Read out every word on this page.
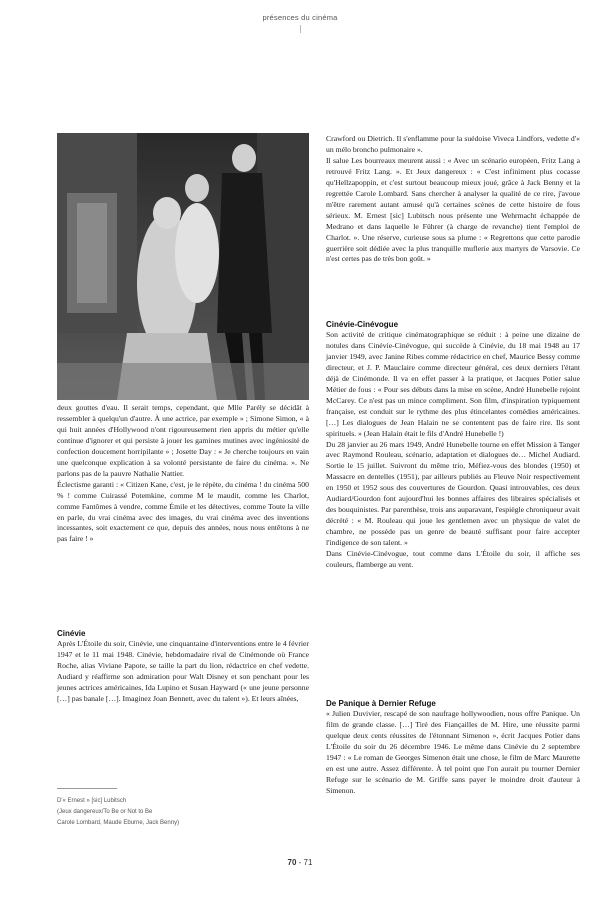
présences du cinéma

deux gouttes d'eau. Il serait temps, cependant, que Mlle Parély se décidât à ressembler à quelqu'un d'autre. À une actrice, par exemple » ; Simone Simon, « à qui huit années d'Hollywood n'ont rigoureusement rien appris du métier qu'elle continue d'ignorer et qui persiste à jouer les gamines mutines avec ingéniosité de confection doucement horripilante » ; Josette Day : « Je cherche toujours en vain une quelconque explication à sa volonté persistante de faire du cinéma. ». Ne parlons pas de la pauvre Nathalie Nattier.

Éclectisme garanti : « Citizen Kane, c'est, je le répète, du cinéma ! du cinéma 500 % ! comme Cuirassé Potemkine, comme M le maudit, comme les Charlot, comme Fantômes à vendre, comme Émile et les détectives, comme Toute la ville en parle, du vrai cinéma avec des images, du vrai cinéma avec des inventions incessantes, soit exactement ce que, depuis des années, nous nous entêtons à ne pas faire ! »

Cinévie

Après L'Étoile du soir, Cinévie, une cinquantaine d'interventions entre le 4 février 1947 et le 11 mai 1948. Cinévie, hebdomadaire rival de Cinémonde où France Roche, alias Viviane Papote, se taille la part du lion, rédactrice en chef vedette. Audiard y réaffirme son admiration pour Walt Disney et son penchant pour les jeunes actrices américaines, Ida Lupino et Susan Hayward (« une jeune personne […] pas banale […]. Imaginez Joan Bennett, avec du talent »). Et leurs aînées,

Crawford ou Dietrich. Il s'enflamme pour la suédoise Viveca Lindfors, vedette d'« un mélo broncho pulmonaire ».

Il salue Les bourreaux meurent aussi : « Avec un scénario européen, Fritz Lang a retrouvé Fritz Lang. ». Et Jeux dangereux : « C'est infiniment plus cocasse qu'Hellzapoppin, et c'est surtout beaucoup mieux joué, grâce à Jack Benny et la regrettée Carole Lombard. Sans chercher à analyser la qualité de ce rire, j'avoue m'être rarement autant amusé qu'à certaines scènes de cette histoire de fous sérieux. M. Ernest [sic] Lubitsch nous présente une Wehrmacht échappée de Medrano et dans laquelle le Führer (à charge de revanche) tient l'emploi de Charlot. ». Une réserve, curieuse sous sa plume : « Regrettons que cette parodie guerrière soit dédiée avec la plus tranquille muflerie aux martyrs de Varsovie. Ce n'est certes pas de très bon goût. »

Cinévie-Cinévogue

Son activité de critique cinématographique se réduit : à peine une dizaine de notules dans Cinévie-Cinévogue, qui succède à Cinévie, du 18 mai 1948 au 17 janvier 1949, avec Janine Ribes comme rédactrice en chef, Maurice Bessy comme directeur, et J. P. Mauclaire comme directeur général, ces deux derniers l'étant déjà de Cinémonde. Il va en effet passer à la pratique, et Jacques Potier salue Métier de fous : « Pour ses débuts dans la mise en scène, André Hunebelle rejoint McCarey. Ce n'est pas un mince compliment. Son film, d'inspiration typiquement française, est conduit sur le rythme des plus étincelantes comédies américaines. […] Les dialogues de Jean Halain ne se contentent pas de faire rire. Ils sont spirituels. » (Jean Halain était le fils d'André Hunebelle !)

Du 28 janvier au 26 mars 1949, André Hunebelle tourne en effet Mission à Tanger avec Raymond Rouleau, scénario, adaptation et dialogues de… Michel Audiard. Sortie le 15 juillet. Suivront du même trio, Méfiez-vous des blondes (1950) et Massacre en dentelles (1951), par ailleurs publiés au Fleuve Noir respectivement en 1950 et 1952 sous des couvertures de Gourdon. Quasi introuvables, ces deux Audiard/Gourdon font aujourd'hui les bonnes affaires des libraires spécialisés et des bouquinistes. Par parenthèse, trois ans auparavant, l'espiègle chroniqueur avait décrété : « M. Rouleau qui joue les gentlemen avec un physique de valet de chambre, ne possède pas un genre de beauté suffisant pour faire accepter l'indigence de son talent. »

Dans Cinévie-Cinévogue, tout comme dans L'Étoile du soir, il affiche ses couleurs, flamberge au vent.

De Panique à Dernier Refuge

« Julien Duvivier, rescapé de son naufrage hollywoodien, nous offre Panique. Un film de grande classe. […] Tiré des Fiançailles de M. Hire, une réussite parmi quelque deux cents réussites de l'étonnant Simenon », écrit Jacques Potier dans L'Étoile du soir du 26 décembre 1946. Le même dans Cinévie du 2 septembre 1947 : « Le roman de Georges Simenon était une chose, le film de Marc Maurette en est une autre. Assez différente. À tel point que l'on aurait pu tourner Dernier Refuge sur le scénario de M. Griffe sans payer le moindre droit d'auteur à Simenon.

D'« Ernest » [sic] Lubitsch
(Jeux dangereux/To Be or Not to Be
Carole Lombard, Maude Eburne, Jack Benny)
70 - 71
